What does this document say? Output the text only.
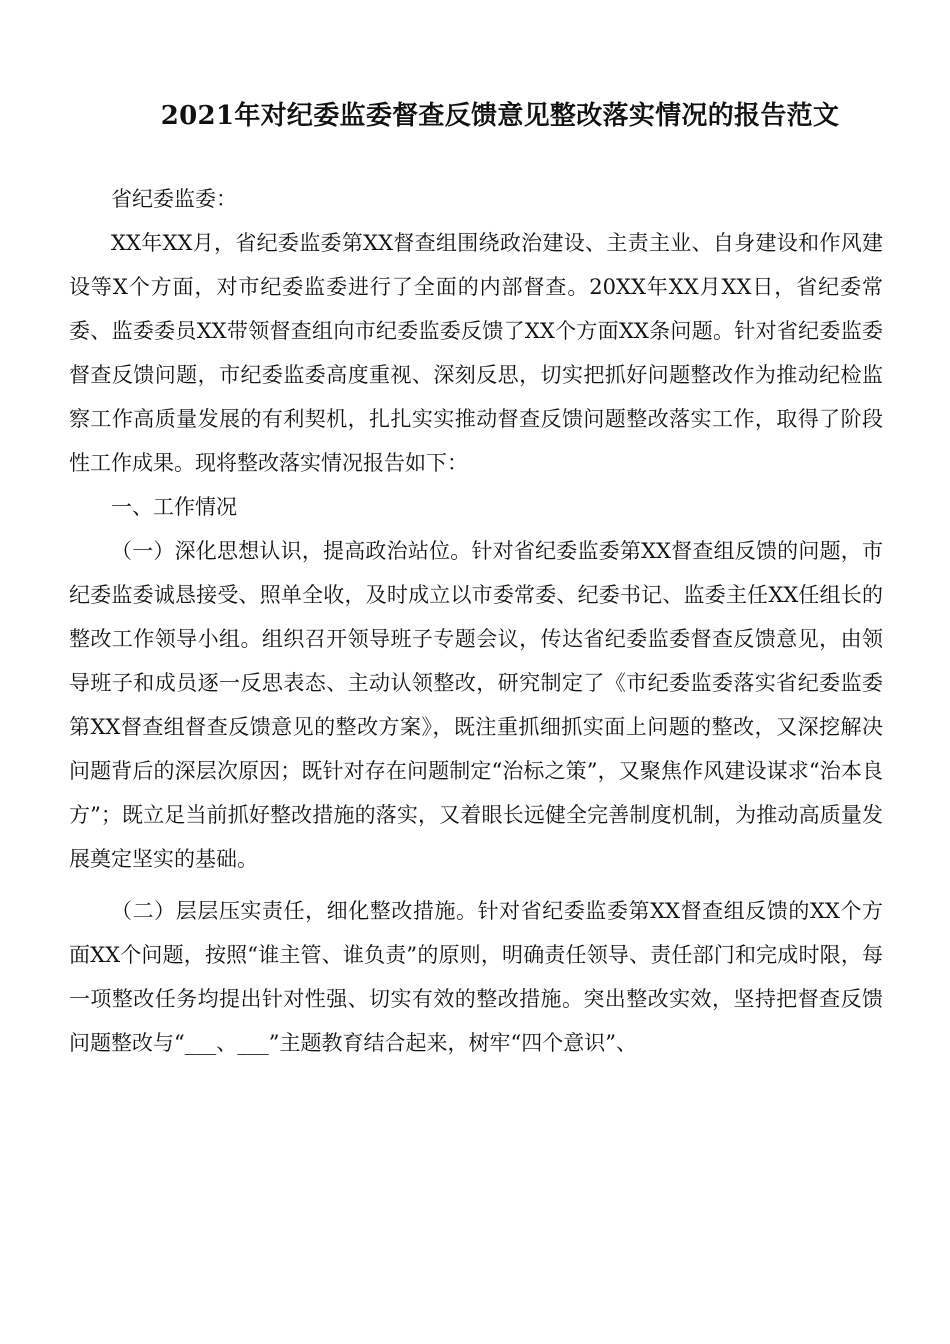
2021年对纪委监委督查反馈意见整改落实情况的报告范文

省纪委监委：

XX年XX月，省纪委监委第XX督查组围绕政治建设、主责主业、自身建设和作风建设等X个方面，对市纪委监委进行了全面的内部督查。20XX年XX月XX日，省纪委常委、监委委员XX带领督查组向市纪委监委反馈了XX个方面XX条问题。针对省纪委监委督查反馈问题，市纪委监委高度重视、深刻反思，切实把抓好问题整改作为推动纪检监察工作高质量发展的有利契机，扎扎实实推动督查反馈问题整改落实工作，取得了阶段性工作成果。现将整改落实情况报告如下：

一、工作情况

（一）深化思想认识，提高政治站位。针对省纪委监委第XX督查组反馈的问题，市纪委监委诚恳接受、照单全收，及时成立以市委常委、纪委书记、监委主任XX任组长的整改工作领导小组。组织召开领导班子专题会议，传达省纪委监委督查反馈意见，由领导班子和成员逐一反思表态、主动认领整改，研究制定了《市纪委监委落实省纪委监委第XX督查组督查反馈意见的整改方案》，既注重抓细抓实面上问题的整改，又深挖解决问题背后的深层次原因；既针对存在问题制定“治标之策”，又聚焦作风建设谋求“治本良方”；既立足当前抓好整改措施的落实，又着眼长远健全完善制度机制，为推动高质量发展奠定坚实的基础。

（二）层层压实责任，细化整改措施。针对省纪委监委第XX督查组反馈的XX个方面XX个问题，按照“谁主管、谁负责”的原则，明确责任领导、责任部门和完成时限，每一项整改任务均提出针对性强、切实有效的整改措施。突出整改实效，坚持把督查反馈问题整改与“___、___”主题教育结合起来，树牢“四个意识”、
